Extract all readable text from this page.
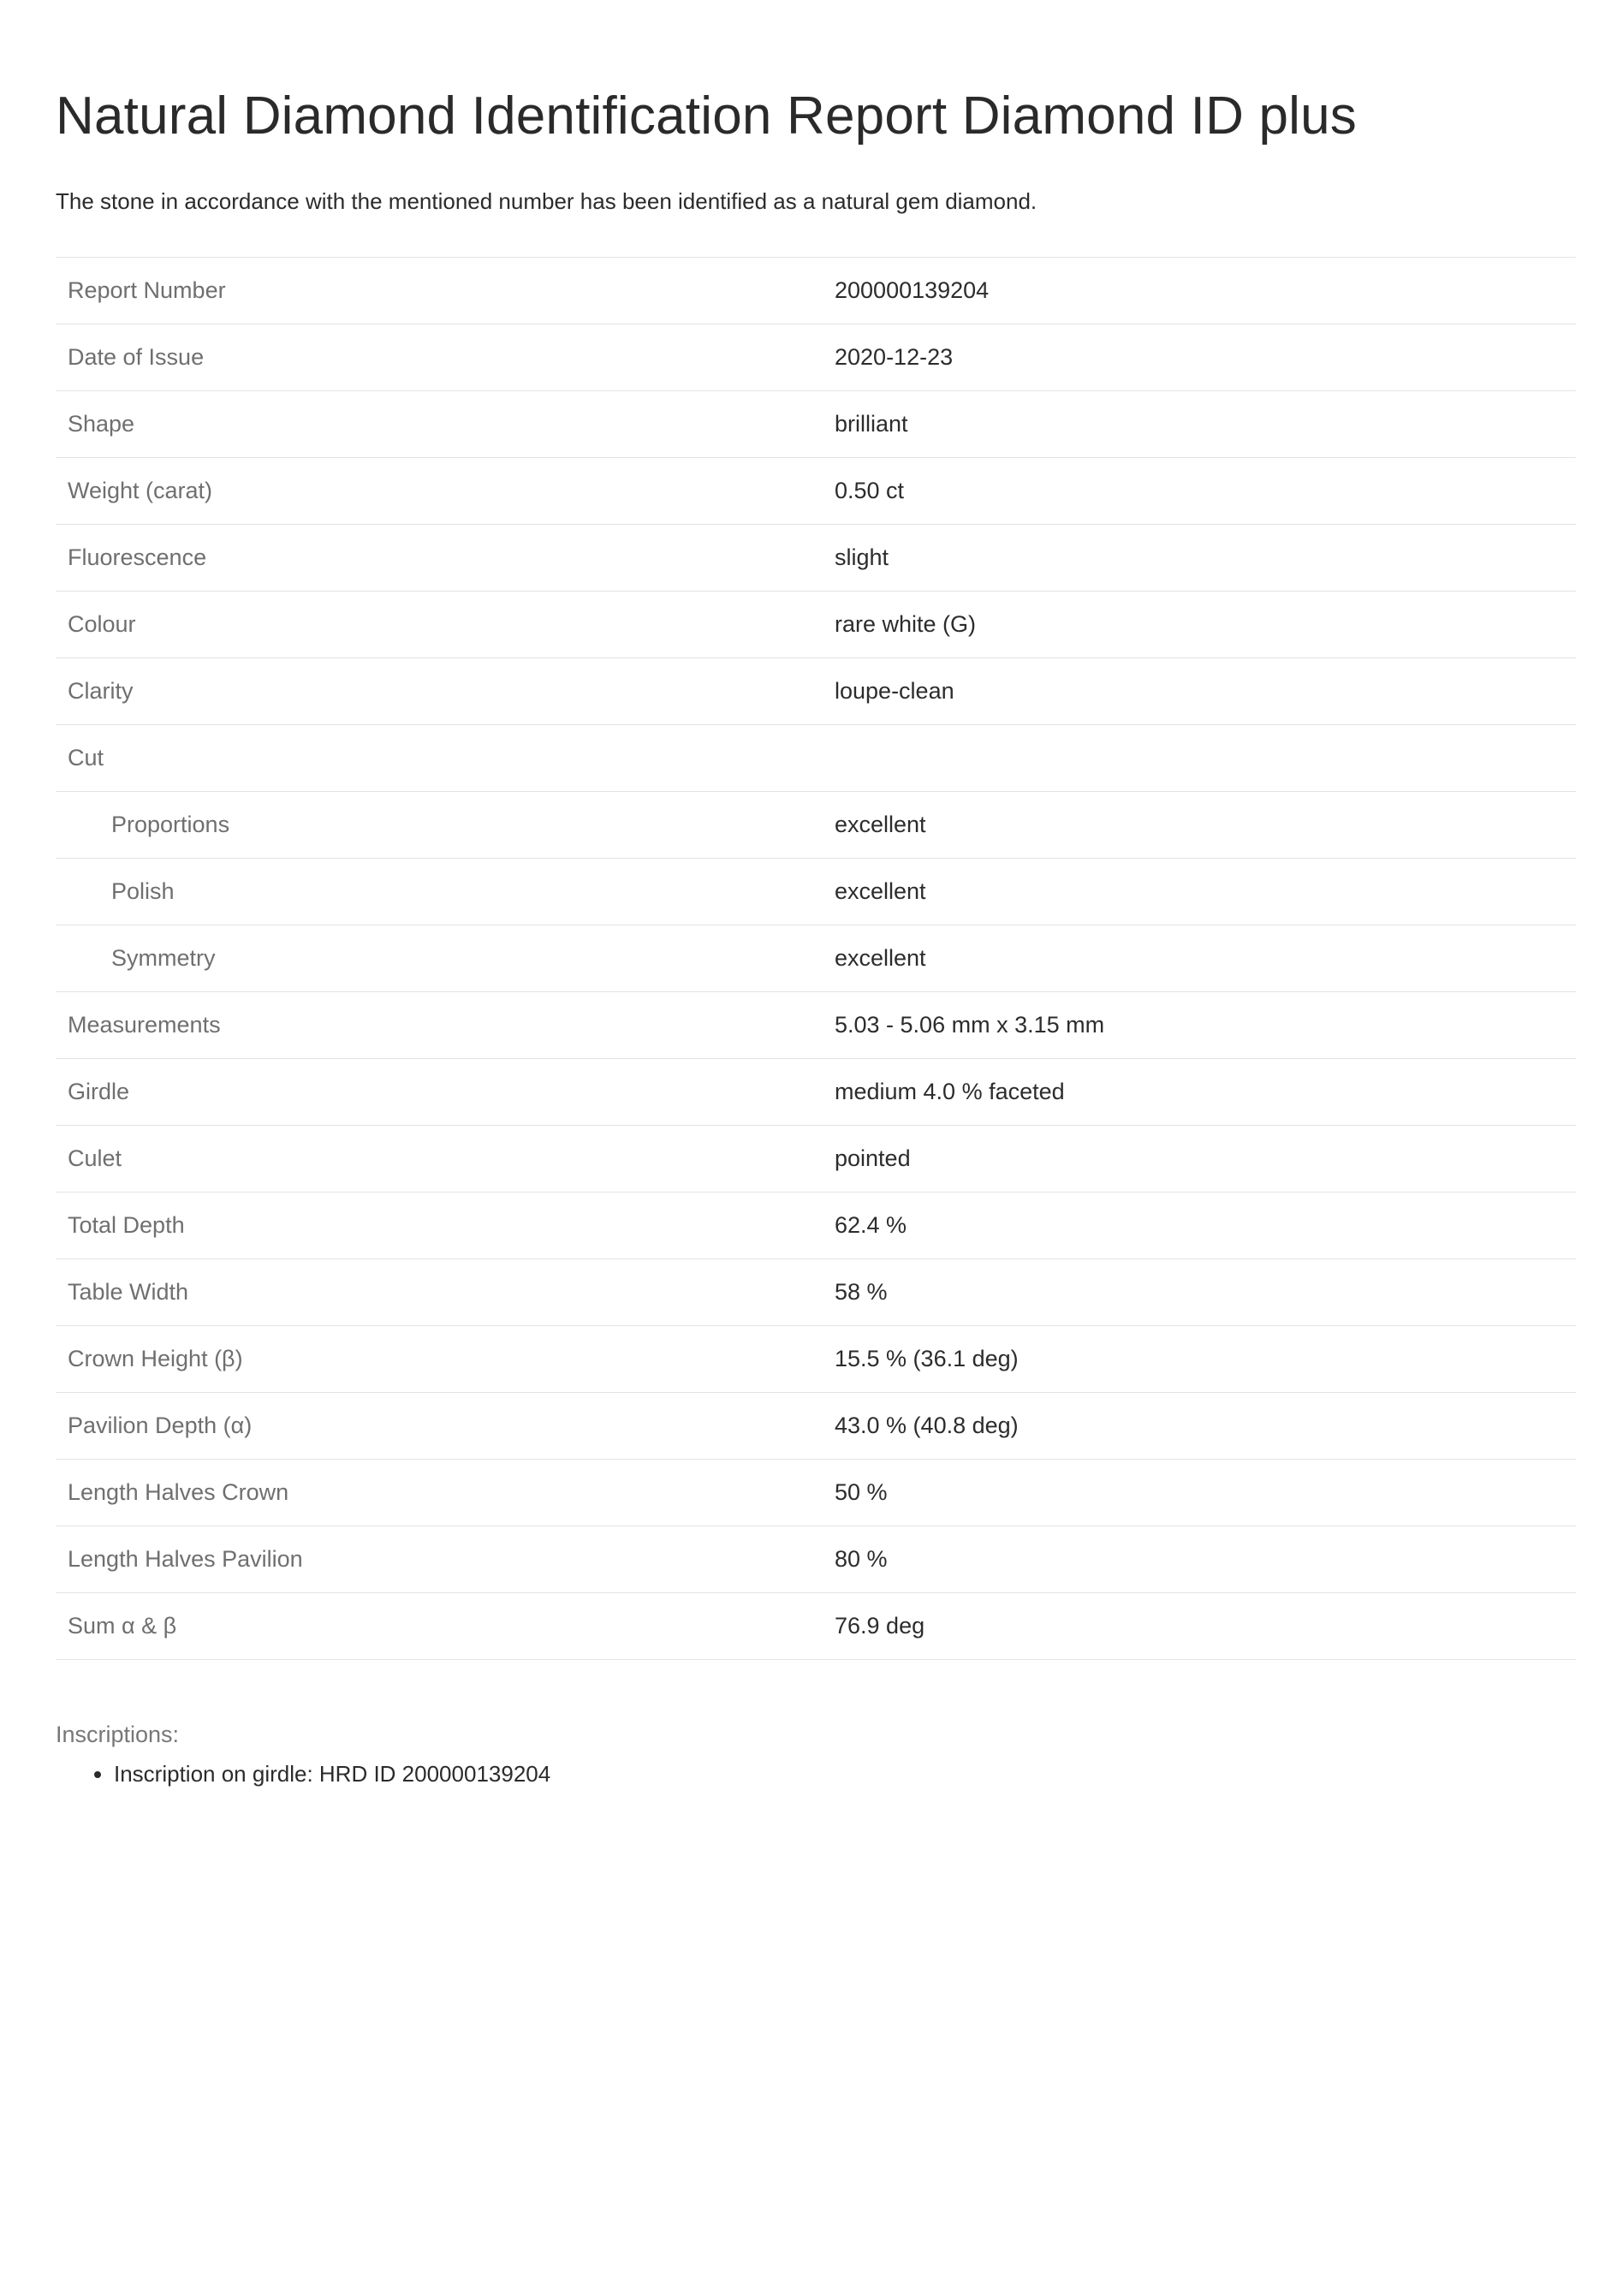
Natural Diamond Identification Report Diamond ID plus

The stone in accordance with the mentioned number has been identified as a natural gem diamond.

Report Number	200000139204
Date of Issue	2020-12-23
Shape	brilliant
Weight (carat)	0.50 ct
Fluorescence	slight
Colour	rare white (G)
Clarity	loupe-clean
Cut	
Proportions	excellent
Polish	excellent
Symmetry	excellent
Measurements	5.03 - 5.06 mm x 3.15 mm
Girdle	medium 4.0 % faceted
Culet	pointed
Total Depth	62.4 %
Table Width	58 %
Crown Height (β)	15.5 % (36.1 deg)
Pavilion Depth (α)	43.0 % (40.8 deg)
Length Halves Crown	50 %
Length Halves Pavilion	80 %
Sum α & β	76.9 deg
Inscriptions:
• Inscription on girdle: HRD ID 200000139204
